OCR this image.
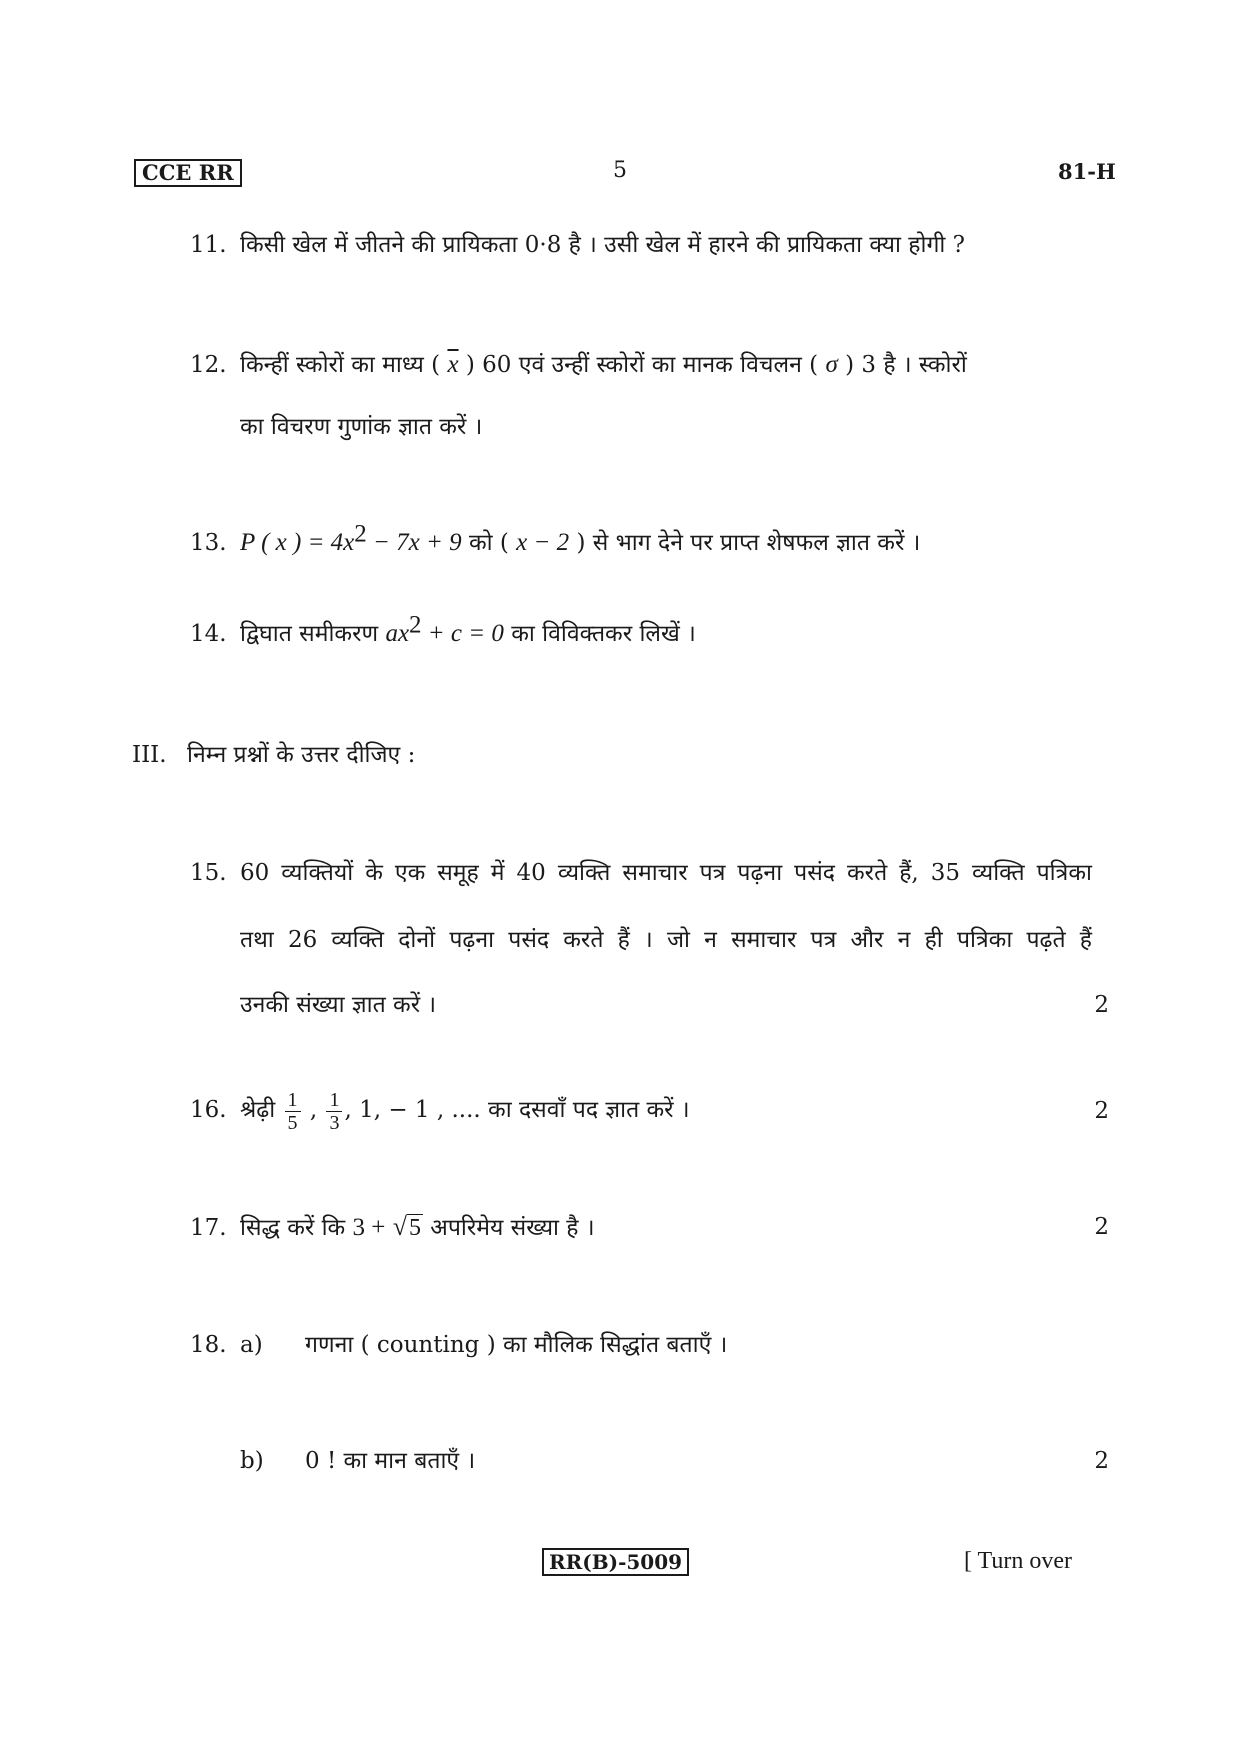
CCE RR	5	81-H
11. किसी खेल में जीतने की प्रायिकता 0·8 है । उसी खेल में हारने की प्रायिकता क्या होगी ?
12. किन्हीं स्कोरों का माध्य ( $\overline{x}$ ) 60 एवं उन्हीं स्कोरों का मानक विचलन ( σ ) 3 है । स्कोरों
का विचरण गुणांक ज्ञात करें ।
13. P ( x ) = $4x^2 - 7x + 9$ को ( x − 2 ) से भाग देने पर प्राप्त शेषफल ज्ञात करें ।
14. द्विघात समीकरण $ax^2 + c = 0$ का विविक्तकर लिखें ।
III. निम्न प्रश्नों के उत्तर दीजिए :
15. 60 व्यक्तियों के एक समूह में 40 व्यक्ति समाचार पत्र पढ़ना पसंद करते हैं, 35 व्यक्ति पत्रिका
तथा 26 व्यक्ति दोनों पढ़ना पसंद करते हैं । जो न समाचार पत्र और न ही पत्रिका पढ़ते हैं
उनकी संख्या ज्ञात करें ।	2
16. श्रेढ़ी $\frac{1}{5}$ , $\frac{1}{3}$ , 1, − 1 , .... का दसवाँ पद ज्ञात करें ।	2
17. सिद्ध करें कि 3 + √5 अपरिमेय संख्या है ।	2
18. a) गणना ( counting ) का मौलिक सिद्धांत बताएँ ।
b) 0 ! का मान बताएँ ।	2
RR(B)-5009	[ Turn over
